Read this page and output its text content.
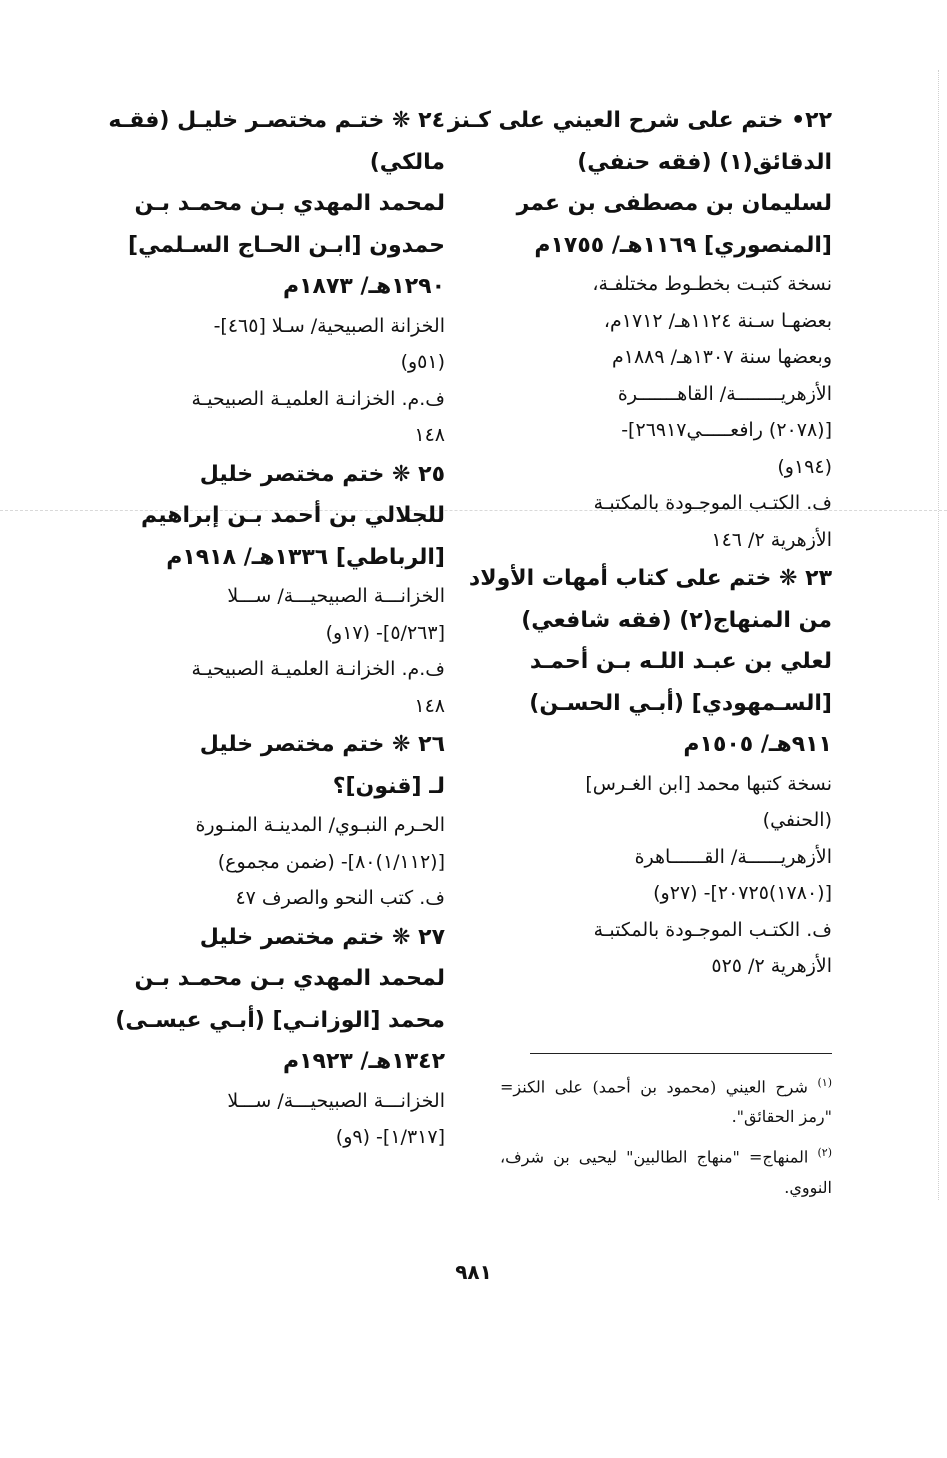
٢٢• ختم على شرح العيني على كـنز
الدقائق(١) (فقه حنفي)
لسليمان بن مصطفى بن عمر
[المنصوري] ١١٦٩هـ/ ١٧٥٥م
نسخة كتبـت بخطـوط مختلفـة،
بعضهـا سـنة ١١٢٤هـ/ ١٧١٢م،
وبعضها سنة ١٣٠٧هـ/ ١٨٨٩م
الأزهريــــــــة/ القاهـــــــرة
[(٢٠٧٨) رافعـــــي٢٦٩١٧]-
(١٩٤و)
ف. الكتـب الموجـودة بالمكتبـة
الأزهرية ٢/ ١٤٦
٢٣ ❋ ختم على كتاب أمهات الأولاد
من المنهاج(٢) (فقه شافعي)
لعلي بن عبـد اللـه بـن أحمـد
[السـمهودي] (أبـي الحسـن)
٩١١هـ/ ١٥٠٥م
نسخة كتبها محمد [ابن الغـرس]
(الحنفي)
الأزهريــــــة/ القــــــاهرة
[(١٧٨٠)٢٠٧٢٥]- (٢٧و)
ف. الكتـب الموجـودة بالمكتبـة
الأزهرية ٢/ ٥٢٥
٢٤ ❋ ختـم مختصـر خليـل (فقـه
مالكي)
لمحمد المهدي بـن محمـد بـن
حمدون [ابـن الحـاج السـلمي]
١٢٩٠هـ/ ١٨٧٣م
الخزانة الصبيحية/ سـلا [٤٦٥]-
(٥١و)
ف.م. الخزانـة العلميـة الصبيحيـة
١٤٨
٢٥ ❋ ختم مختصر خليل
للجلالي بن أحمد بـن إبراهيم
[الرباطي] ١٣٣٦هـ/ ١٩١٨م
الخزانـــة الصبيحيـــة/ ســـلا
[٥/٢٦٣]- (١٧و)
ف.م. الخزانـة العلميـة الصبيحيـة
١٤٨
٢٦ ❋ ختم مختصر خليل
لـ [قنون]؟
الحـرم النبـوي/ المدينـة المنـورة
[(١/١١٢)٨٠]- (ضمن مجموع)
ف. كتب النحو والصرف ٤٧
٢٧ ❋ ختم مختصر خليل
لمحمد المهدي بـن محمـد بـن
محمد [الوزانـي] (أبـي عيسـى)
١٣٤٢هـ/ ١٩٢٣م
الخزانـــة الصبيحيـــة/ ســـلا
[١/٣١٧]- (٩و)

$^{(١)}$ شرح العيني (محمود بن أحمد) على الكنز= "رمز الحقائق".

$^{(٢)}$ المنهاج= "منهاج الطالبين" ليحيى بن شرف، النووي.

٩٨١
